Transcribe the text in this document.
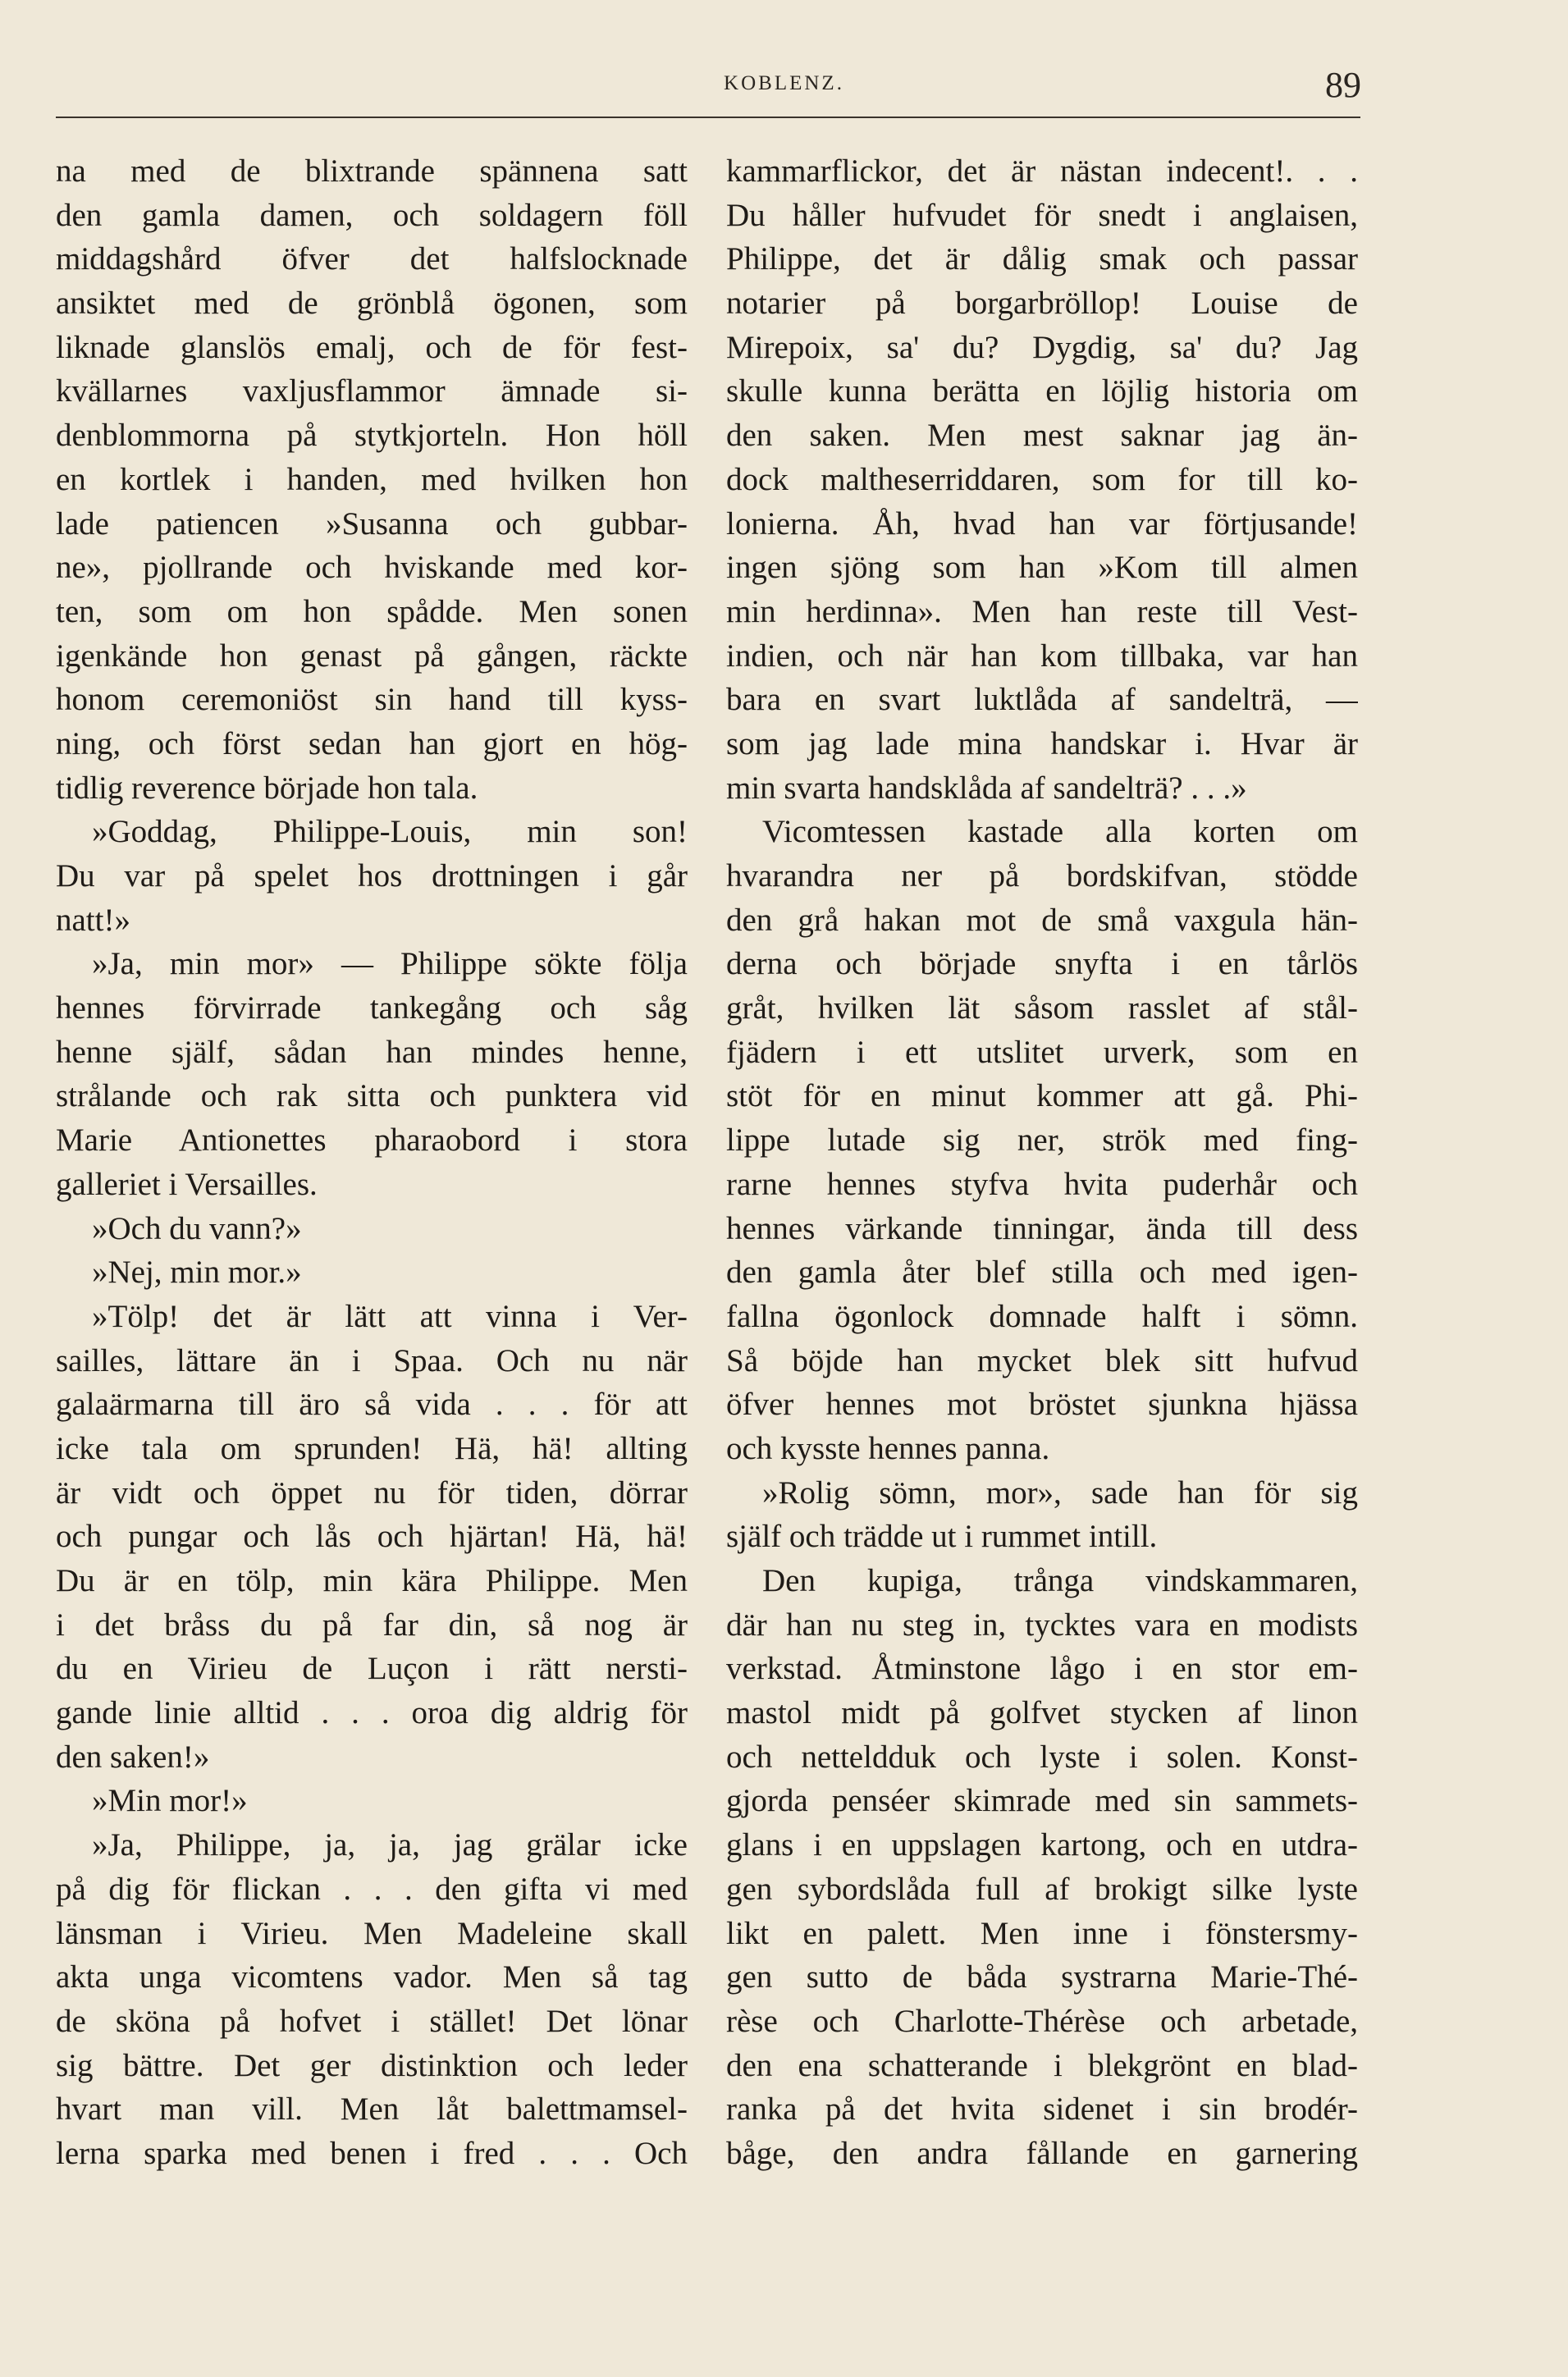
KOBLENZ.	89
na med de blixtrande spännena satt
den gamla damen, och soldagern föll
middagshård öfver det halfslocknade
ansiktet med de grönblå ögonen, som
liknade glanslös emalj, och de för fest-
kvällarnes vaxljusflammor ämnade si-
denblommorna på stytkjorteln. Hon höll
en kortlek i handen, med hvilken hon
lade patiencen »Susanna och gubbar-
ne», pjollrande och hviskande med kor-
ten, som om hon spådde. Men sonen
igenkände hon genast på gången, räckte
honom ceremoniöst sin hand till kyss-
ning, och först sedan han gjort en hög-
tidlig reverence började hon tala.
»Goddag, Philippe-Louis, min son!
Du var på spelet hos drottningen i går
natt!»
»Ja, min mor» — Philippe sökte följa
hennes förvirrade tankegång och såg
henne själf, sådan han mindes henne,
strålande och rak sitta och punktera vid
Marie Antionettes pharaobord i stora
galleriet i Versailles.
»Och du vann?»
»Nej, min mor.»
»Tölp! det är lätt att vinna i Ver-
sailles, lättare än i Spaa. Och nu när
galaärmarna till äro så vida . . . för att
icke tala om sprunden! Hä, hä! allting
är vidt och öppet nu för tiden, dörrar
och pungar och lås och hjärtan! Hä, hä!
Du är en tölp, min kära Philippe. Men
i det bråss du på far din, så nog är
du en Virieu de Luçon i rätt nersti-
gande linie alltid . . . oroa dig aldrig för
den saken!»
»Min mor!»
»Ja, Philippe, ja, ja, jag grälar icke
på dig för flickan . . . den gifta vi med
länsman i Virieu. Men Madeleine skall
akta unga vicomtens vador. Men så tag
de sköna på hofvet i stället! Det lönar
sig bättre. Det ger distinktion och leder
hvart man vill. Men låt balettmamsel-
lerna sparka med benen i fred . . . Och
kammarflickor, det är nästan indecent!. . .
Du håller hufvudet för snedt i anglaisen,
Philippe, det är dålig smak och passar
notarier på borgarbröllop! Louise de
Mirepoix, sa' du? Dygdig, sa' du? Jag
skulle kunna berätta en löjlig historia om
den saken. Men mest saknar jag än-
dock maltheserriddaren, som for till ko-
lonierna. Åh, hvad han var förtjusande!
ingen sjöng som han »Kom till almen
min herdinna». Men han reste till Vest-
indien, och när han kom tillbaka, var han
bara en svart luktlåda af sandelträ, —
som jag lade mina handskar i. Hvar är
min svarta handsklåda af sandelträ? . . .»
Vicomtessen kastade alla korten om
hvarandra ner på bordskifvan, stödde
den grå hakan mot de små vaxgula hän-
derna och började snyfta i en tårlös
gråt, hvilken lät såsom rasslet af stål-
fjädern i ett utslitet urverk, som en
stöt för en minut kommer att gå. Phi-
lippe lutade sig ner, strök med fing-
rarne hennes styfva hvita puderhår och
hennes värkande tinningar, ända till dess
den gamla åter blef stilla och med igen-
fallna ögonlock domnade halft i sömn.
Så böjde han mycket blek sitt hufvud
öfver hennes mot bröstet sjunkna hjässa
och kysste hennes panna.
»Rolig sömn, mor», sade han för sig
själf och trädde ut i rummet intill.
Den kupiga, trånga vindskammaren,
där han nu steg in, tycktes vara en modists
verkstad. Åtminstone lågo i en stor em-
mastol midt på golfvet stycken af linon
och netteldduk och lyste i solen. Konst-
gjorda penséer skimrade med sin sammets-
glans i en uppslagen kartong, och en utdra-
gen sybordslåda full af brokigt silke lyste
likt en palett. Men inne i fönstersmy-
gen sutto de båda systrarna Marie-Thé-
rèse och Charlotte-Thérèse och arbetade,
den ena schatterande i blekgrönt en blad-
ranka på det hvita sidenet i sin brodér-
båge, den andra fållande en garnering
